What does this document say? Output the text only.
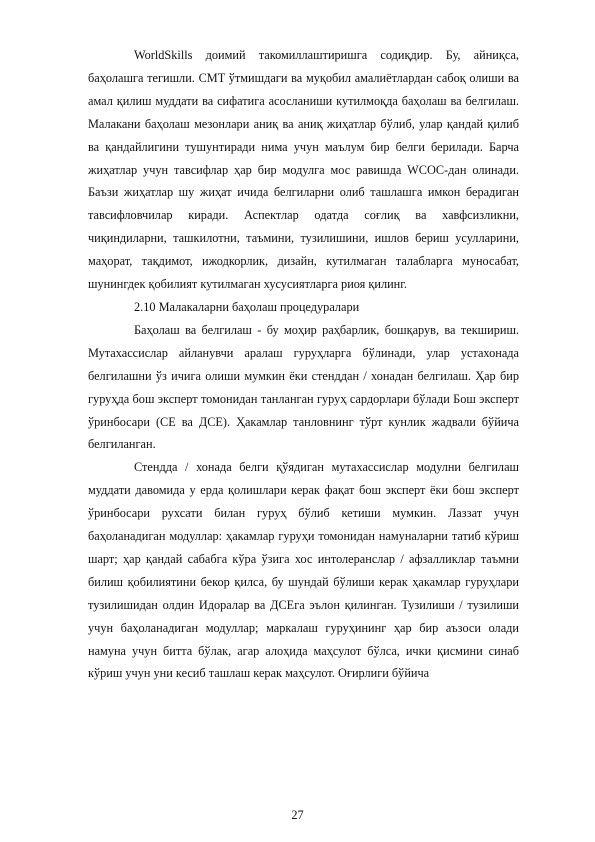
WorldSkills доимий такомиллаштиришга содиқдир. Бу, айниқса, баҳолашга тегишли. CMT ўтмишдаги ва муқобил амалиётлардан сабоқ олиши ва амал қилиш муддати ва сифатига асосланиши кутилмоқда баҳолаш ва белгилаш. Малакани баҳолаш мезонлари аниқ ва аниқ жиҳатлар бўлиб, улар қандай қилиб ва қандайлигини тушунтиради нима учун маълум бир белги берилади. Барча жиҳатлар учун тавсифлар ҳар бир модулга мос равишда WCOC-дан олинади. Баъзи жиҳатлар шу жиҳат ичида белгиларни олиб ташлашга имкон берадиган тавсифловчилар киради. Аспектлар одатда соғлиқ ва хавфсизликни, чиқиндиларни, ташкилотни, таъмини, тузилишини, ишлов бериш усулларини, маҳорат, тақдимот, ижодкорлик, дизайн, кутилмаган талабларга муносабат, шунингдек қобилият кутилмаган хусусиятларга риоя қилинг.

2.10 Малакаларни баҳолаш процедуралари

Баҳолаш ва белгилаш - бу моҳир раҳбарлик, бошқарув, ва текшириш. Мутахассислар айланувчи аралаш гуруҳларга бўлинади, улар устахонада белгилашни ўз ичига олиши мумкин ёки стенддан / хонадан белгилаш. Ҳар бир гуруҳда бош эксперт томонидан танланган гуруҳ сардорлари бўлади Бош эксперт ўринбосари (CE ва ДСЕ). Ҳакамлар танловнинг тўрт кунлик жадвали бўйича белгиланган.

Стендда / хонада белги қўядиган мутахассислар модулни белгилаш муддати давомида у ерда қолишлари керак фақат бош эксперт ёки бош эксперт ўринбосари рухсати билан гуруҳ бўлиб кетиши мумкин. Лаззат учун баҳоланадиган модуллар: ҳакамлар гуруҳи томонидан намуналарни татиб кўриш шарт; ҳар қандай сабабга кўра ўзига хос интолеранслар / афзалликлар таъмни билиш қобилиятини бекор қилса, бу шундай бўлиши керак ҳакамлар гуруҳлари тузилишидан олдин Идоралар ва ДСЕга эълон қилинган. Тузилиши / тузилиши учун баҳоланадиган модуллар; маркалаш гуруҳининг ҳар бир аъзоси олади намуна учун битта бўлак, агар алоҳида маҳсулот бўлса, ички қисмини синаб кўриш учун уни кесиб ташлаш керак маҳсулот. Оғирлиги бўйича

27
